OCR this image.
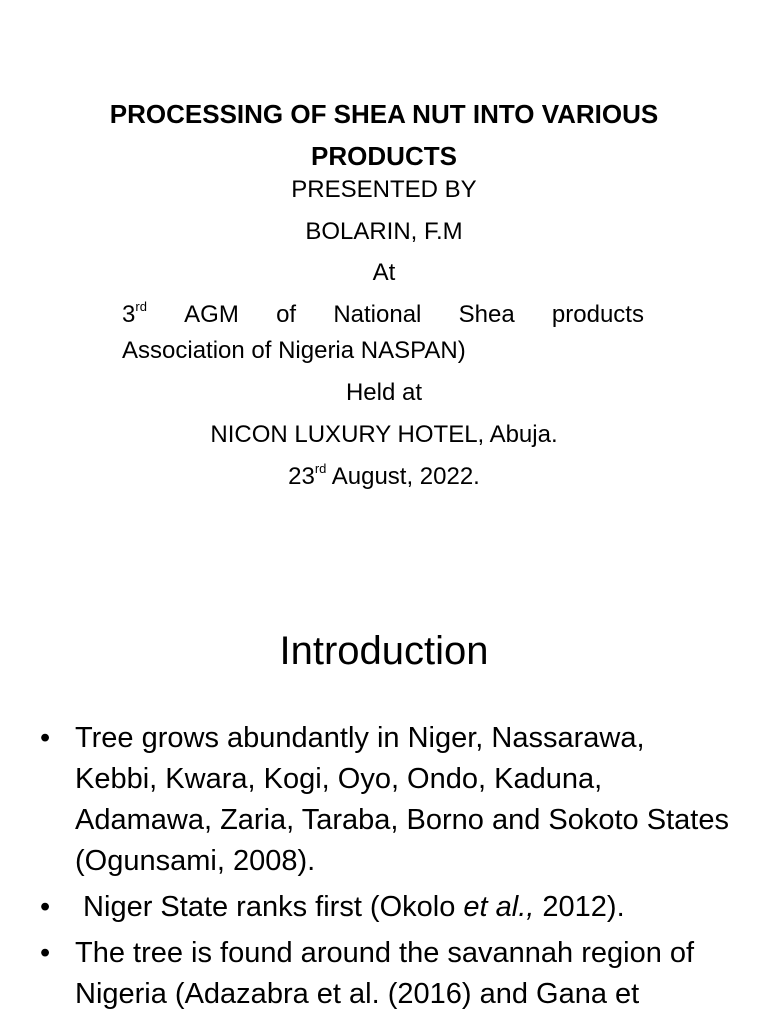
PROCESSING OF SHEA NUT INTO VARIOUS PRODUCTS
PRESENTED BY
BOLARIN, F.M
At
3rd AGM of National Shea products
Association of Nigeria NASPAN)
Held at
NICON LUXURY HOTEL, Abuja.
23rd August, 2022.
Introduction
• Tree grows abundantly in Niger, Nassarawa, Kebbi, Kwara, Kogi, Oyo, Ondo, Kaduna, Adamawa, Zaria, Taraba, Borno and Sokoto States (Ogunsami, 2008).
• Niger State ranks first (Okolo et al., 2012).
• The tree is found around the savannah region of Nigeria (Adazabra et al. (2016) and Gana et
